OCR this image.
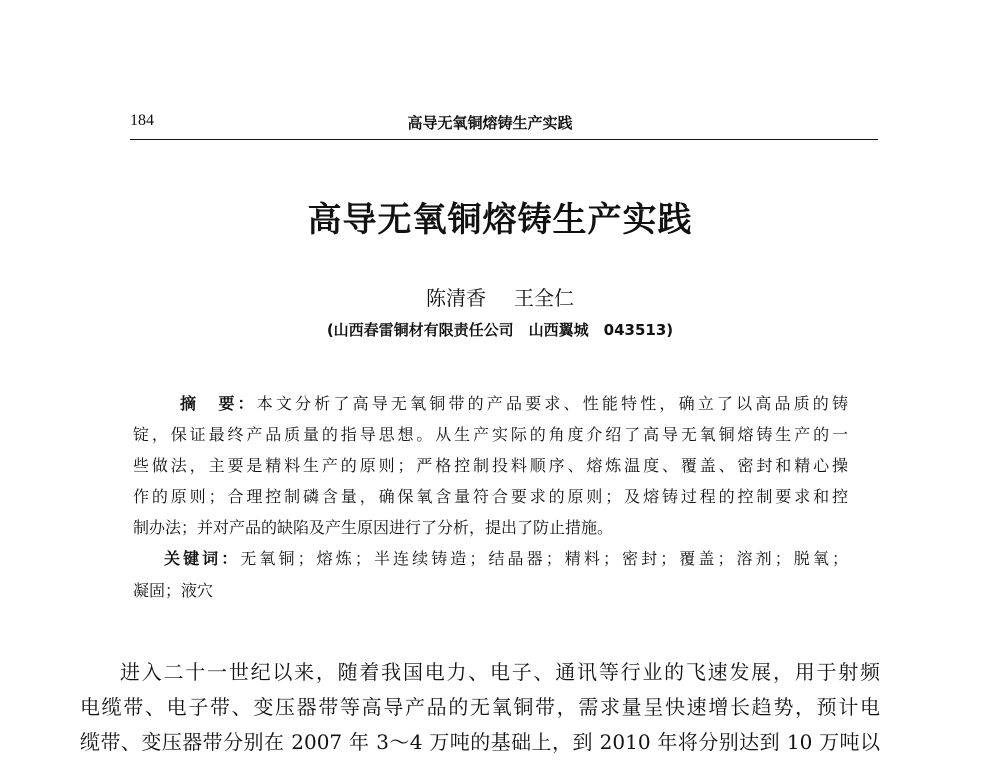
184	高导无氧铜熔铸生产实践
高导无氧铜熔铸生产实践
陈清香 王全仁
(山西春雷铜材有限责任公司　山西翼城　043513)
摘　要：本文分析了高导无氧铜带的产品要求、性能特性，确立了以高品质的铸
锭，保证最终产品质量的指导思想。从生产实际的角度介绍了高导无氧铜熔铸生产的一
些做法，主要是精料生产的原则；严格控制投料顺序、熔炼温度、覆盖、密封和精心操
作的原则；合理控制磷含量，确保氧含量符合要求的原则；及熔铸过程的控制要求和控
制办法；并对产品的缺陷及产生原因进行了分析，提出了防止措施。
关键词：无氧铜；熔炼；半连续铸造；结晶器；精料；密封；覆盖；溶剂；脱氧；
凝固；液穴
进入二十一世纪以来，随着我国电力、电子、通讯等行业的飞速发展，用于射频
电缆带、电子带、变压器带等高导产品的无氧铜带，需求量呈快速增长趋势，预计电
缆带、变压器带分别在 2007 年 3～4 万吨的基础上，到 2010 年将分别达到 10 万吨以
